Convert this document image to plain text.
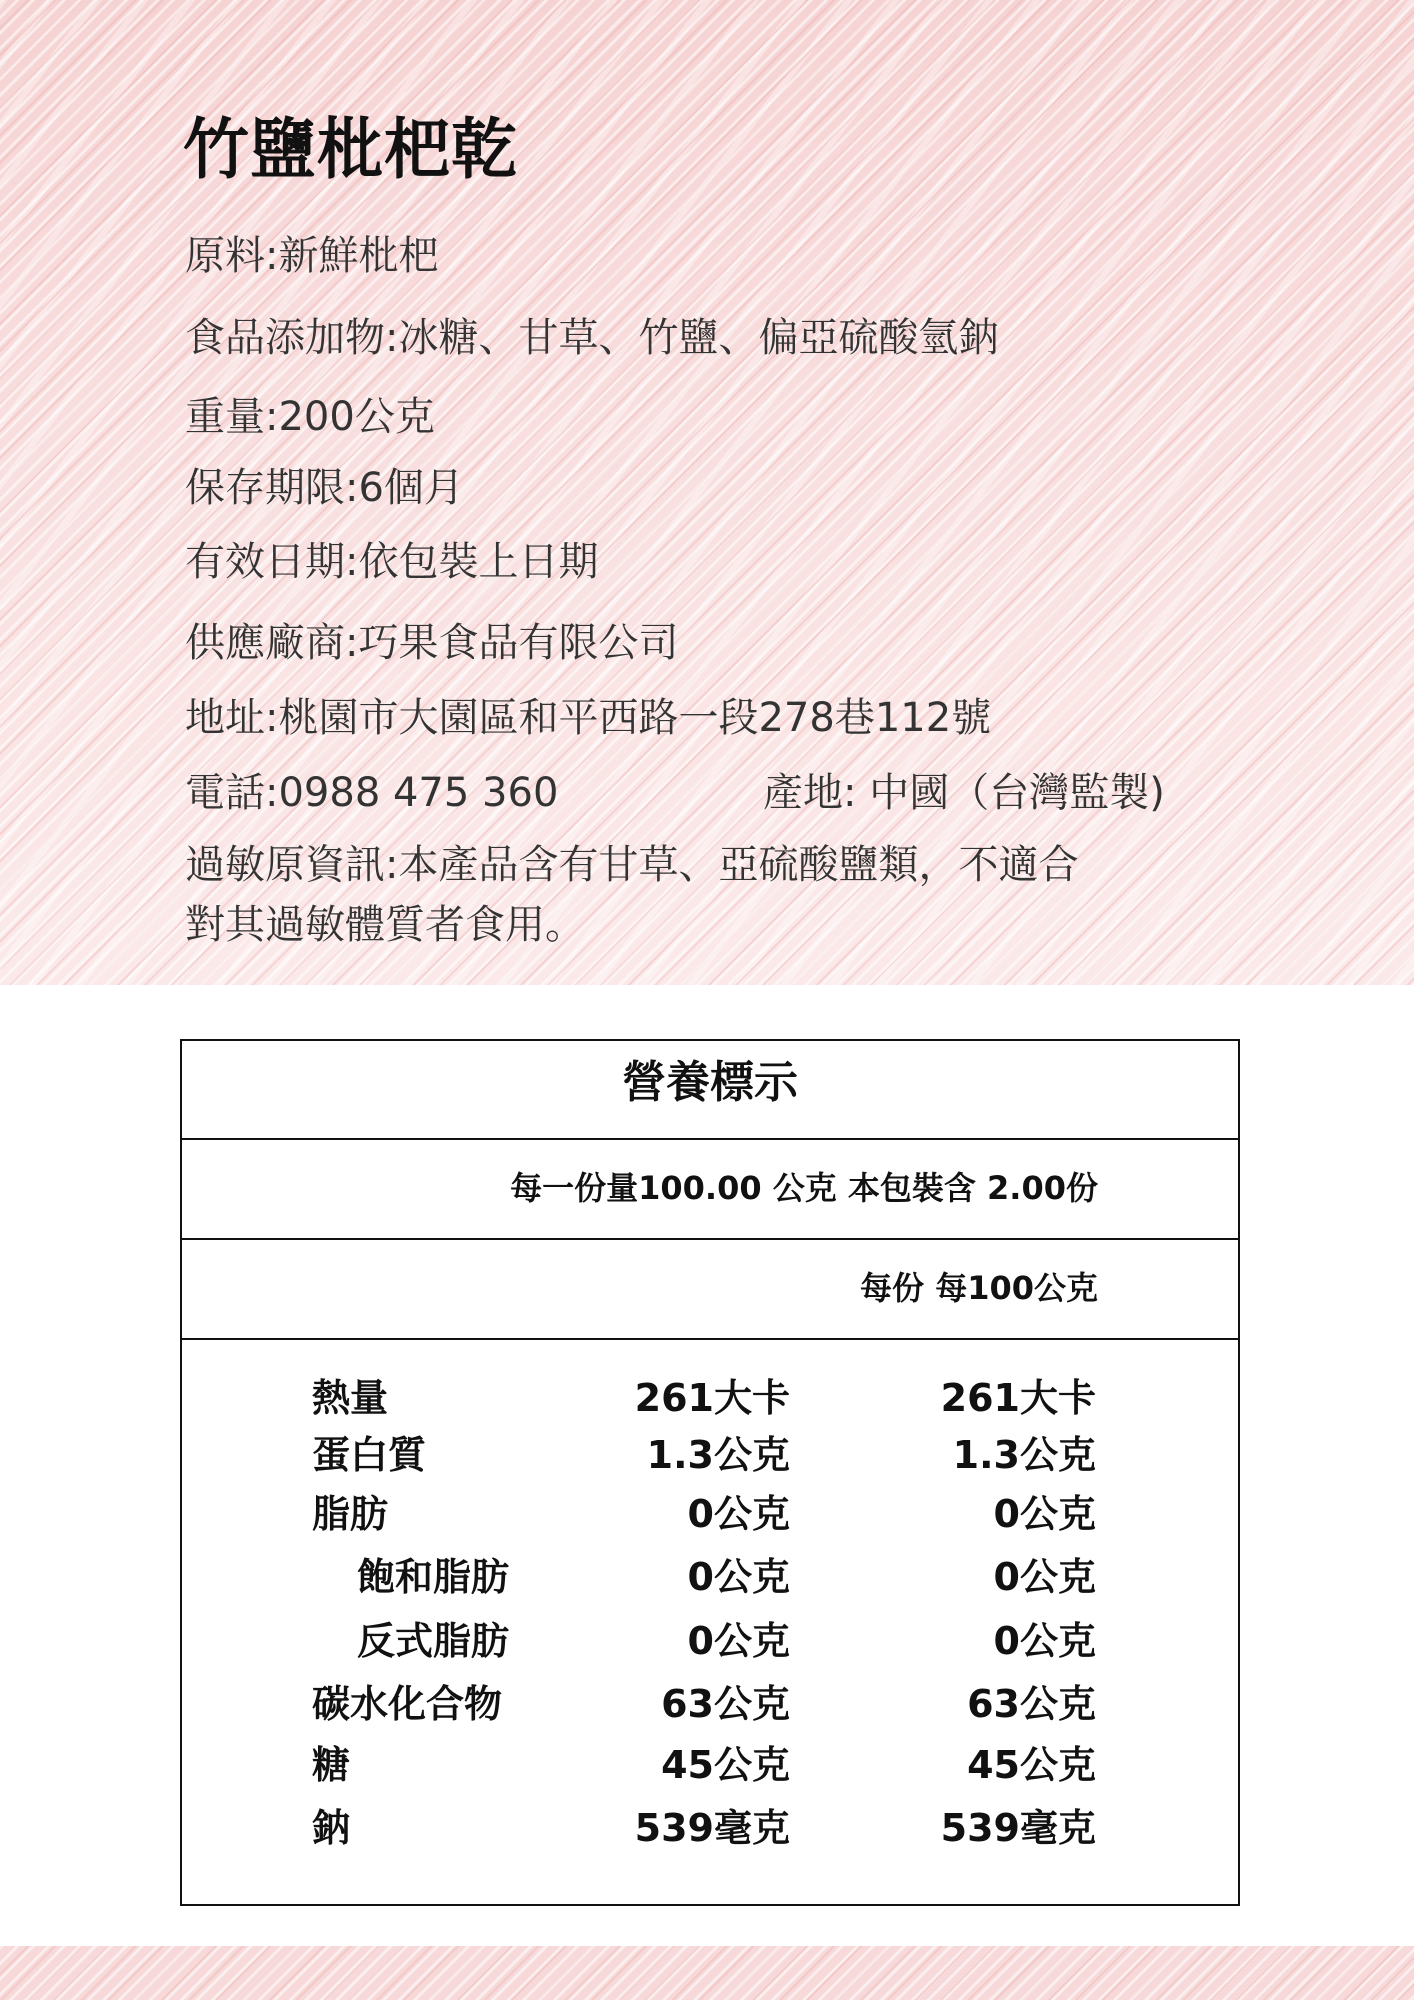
竹鹽枇杷乾
原料:新鮮枇杷
食品添加物:冰糖、甘草、竹鹽、偏亞硫酸氫鈉
重量:200公克
保存期限:6個月
有效日期:依包裝上日期
供應廠商:巧果食品有限公司
地址:桃園市大園區和平西路一段278巷112號
電話:0988 475 360	產地: 中國（台灣監製)
過敏原資訊:本產品含有甘草、亞硫酸鹽類，不適合
對其過敏體質者食用。
營養標示
每一份量100.00 公克 本包裝含 2.00份
每份 每100公克
熱量	261大卡	261大卡
蛋白質	1.3公克	1.3公克
脂肪	0公克	0公克
飽和脂肪	0公克	0公克
反式脂肪	0公克	0公克
碳水化合物	63公克	63公克
糖	45公克	45公克
鈉	539毫克	539毫克
